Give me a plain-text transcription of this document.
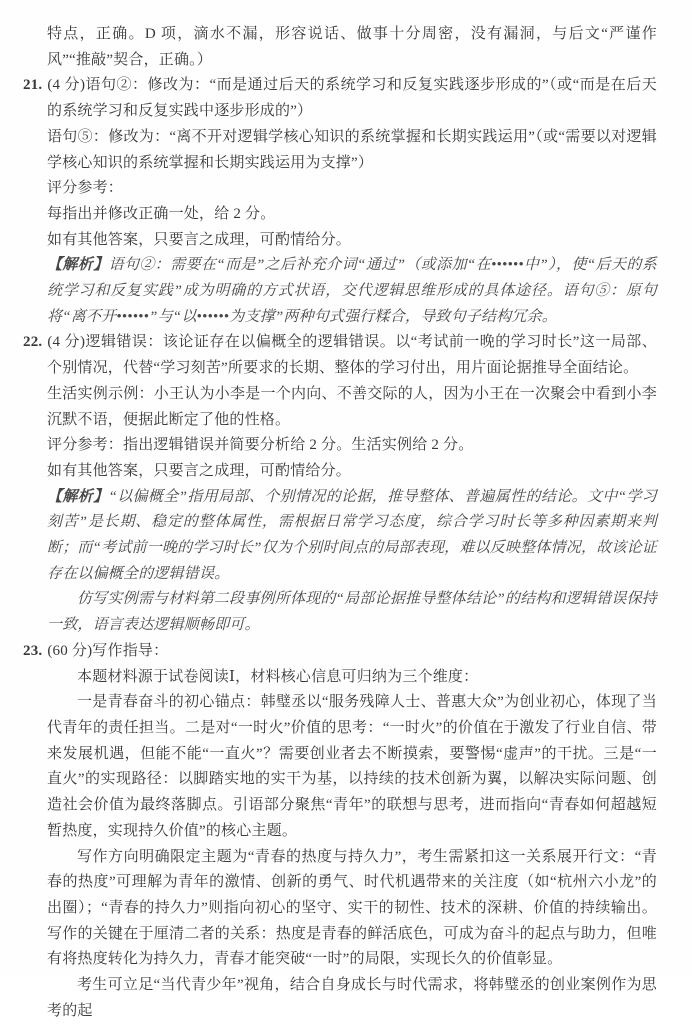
特点，正确。D 项，滴水不漏，形容说话、做事十分周密，没有漏洞，与后文“严谨作风”“推敲”契合，正确。）

21. (4 分)语句②：修改为：“而是通过后天的系统学习和反复实践逐步形成的”（或“而是在后天的系统学习和反复实践中逐步形成的”）

语句⑤：修改为：“离不开对逻辑学核心知识的系统掌握和长期实践运用”（或“需要以对逻辑学核心知识的系统掌握和长期实践运用为支撑”）

评分参考：

每指出并修改正确一处，给 2 分。

如有其他答案，只要言之成理，可酌情给分。

【解析】语句②：需要在“而是”之后补充介词“通过”（或添加“在••••••中”），使“后天的系统学习和反复实践”成为明确的方式状语，交代逻辑思维形成的具体途径。语句⑤：原句将“离不开••••••”与“以••••••为支撑”两种句式强行糅合，导致句子结构冗余。

22. (4 分)逻辑错误：该论证存在以偏概全的逻辑错误。以“考试前一晚的学习时长”这一局部、个别情况，代替“学习刻苦”所要求的长期、整体的学习付出，用片面论据推导全面结论。

生活实例示例：小王认为小李是一个内向、不善交际的人，因为小王在一次聚会中看到小李沉默不语，便据此断定了他的性格。

评分参考：指出逻辑错误并简要分析给 2 分。生活实例给 2 分。

如有其他答案，只要言之成理，可酌情给分。

【解析】“以偏概全”指用局部、个别情况的论据，推导整体、普遍属性的结论。文中“学习刻苦”是长期、稳定的整体属性，需根据日常学习态度，综合学习时长等多种因素期来判断；而“考试前一晚的学习时长”仅为个别时间点的局部表现，难以反映整体情况，故该论证存在以偏概全的逻辑错误。

仿写实例需与材料第二段事例所体现的“局部论据推导整体结论”的结构和逻辑错误保持一致，语言表达逻辑顺畅即可。

23. (60 分)写作指导：

本题材料源于试卷阅读Ⅰ，材料核心信息可归纳为三个维度：

一是青春奋斗的初心锚点：韩璧丞以“服务残障人士、普惠大众”为创业初心，体现了当代青年的责任担当。二是对“一时火”价值的思考：“一时火”的价值在于激发了行业自信、带来发展机遇，但能不能“一直火”？需要创业者去不断摸索，要警惕“虚声”的干扰。三是“一直火”的实现路径：以脚踏实地的实干为基，以持续的技术创新为翼，以解决实际问题、创造社会价值为最终落脚点。引语部分聚焦“青年”的联想与思考，进而指向“青春如何超越短暂热度，实现持久价值”的核心主题。

写作方向明确限定主题为“青春的热度与持久力”，考生需紧扣这一关系展开行文：“青春的热度”可理解为青年的激情、创新的勇气、时代机遇带来的关注度（如“杭州六小龙”的出圈）；“青春的持久力”则指向初心的坚守、实干的韧性、技术的深耕、价值的持续输出。写作的关键在于厘清二者的关系：热度是青春的鲜活底色，可成为奋斗的起点与助力，但唯有将热度转化为持久力，青春才能突破“一时”的局限，实现长久的价值彰显。

考生可立足“当代青少年”视角，结合自身成长与时代需求，将韩璧丞的创业案例作为思考的起
